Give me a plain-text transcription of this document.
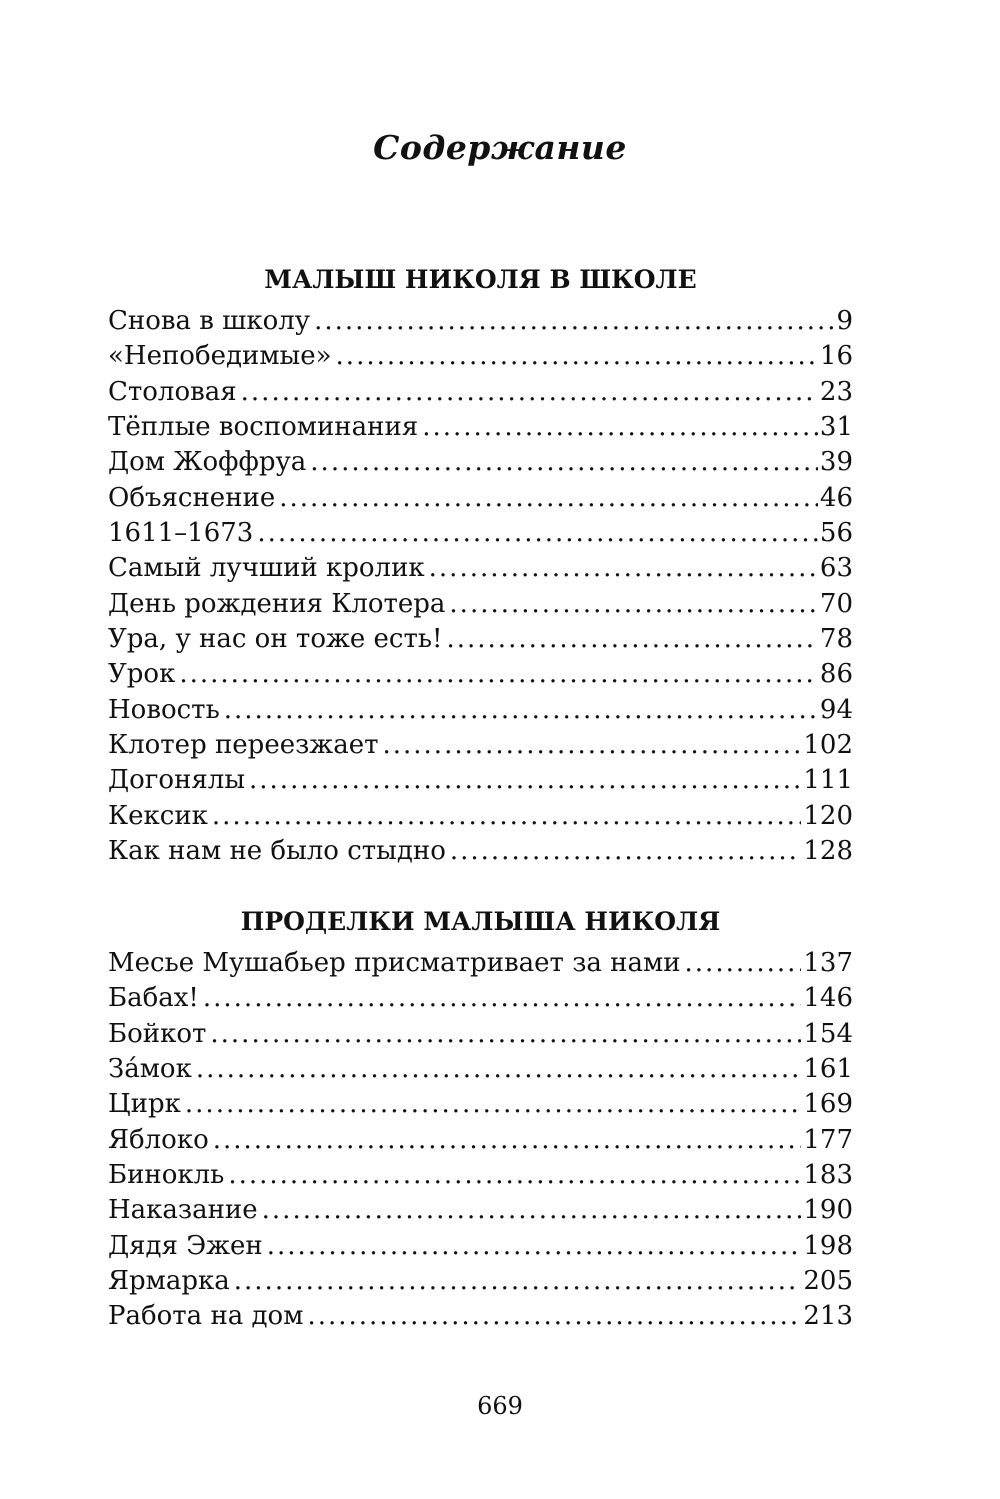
Содержание
МАЛЫШ НИКОЛЯ В ШКОЛЕ
Снова в школу .....	9
«Непобедимые» .....	16
Столовая .....	23
Тёплые воспоминания .....	31
Дом Жоффруа .....	39
Объяснение .....	46
1611–1673 .....	56
Самый лучший кролик .....	63
День рождения Клотера .....	70
Ура, у нас он тоже есть! .....	78
Урок .....	86
Новость .....	94
Клотер переезжает .....	102
Догонялы .....	111
Кексик .....	120
Как нам не было стыдно .....	128
ПРОДЕЛКИ МАЛЫША НИКОЛЯ
Месье Мушабьер присматривает за нами .....	137
Бабах! .....	146
Бойкот .....	154
За́мок .....	161
Цирк .....	169
Яблоко .....	177
Бинокль .....	183
Наказание .....	190
Дядя Эжен .....	198
Ярмарка .....	205
Работа на дом .....	213
669
